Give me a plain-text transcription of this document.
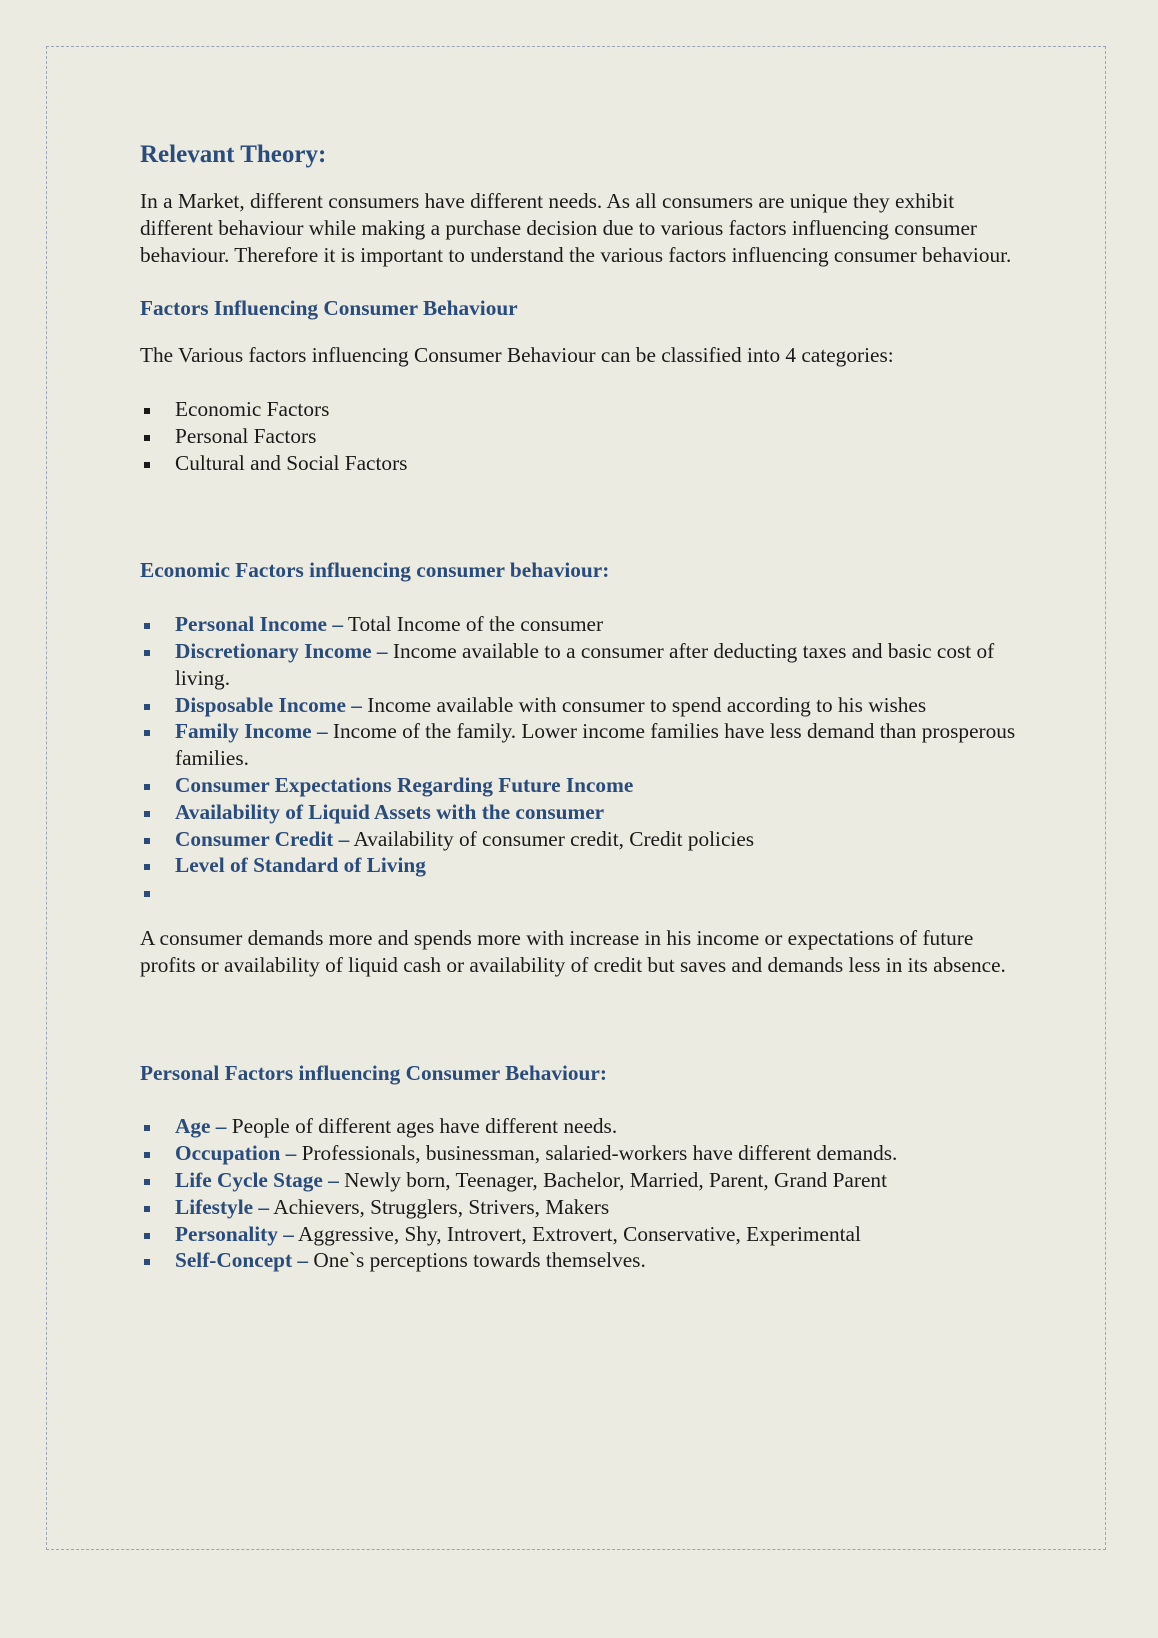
Relevant Theory:

In a Market, different consumers have different needs. As all consumers are unique they exhibit different behaviour while making a purchase decision due to various factors influencing consumer behaviour. Therefore it is important to understand the various factors influencing consumer behaviour.

Factors Influencing Consumer Behaviour

The Various factors influencing Consumer Behaviour can be classified into 4 categories:

Economic Factors
Personal Factors
Cultural and Social Factors
Economic Factors influencing consumer behaviour:
Personal Income – Total Income of the consumer
Discretionary Income – Income available to a consumer after deducting taxes and basic cost of living.
Disposable Income – Income available with consumer to spend according to his wishes
Family Income – Income of the family. Lower income families have less demand than prosperous families.
Consumer Expectations Regarding Future Income
Availability of Liquid Assets with the consumer
Consumer Credit – Availability of consumer credit, Credit policies
Level of Standard of Living

A consumer demands more and spends more with increase in his income or expectations of future profits or availability of liquid cash or availability of credit but saves and demands less in its absence.

Personal Factors influencing Consumer Behaviour:
Age – People of different ages have different needs.
Occupation – Professionals, businessman, salaried-workers have different demands.
Life Cycle Stage – Newly born, Teenager, Bachelor, Married, Parent, Grand Parent
Lifestyle – Achievers, Strugglers, Strivers, Makers
Personality – Aggressive, Shy, Introvert, Extrovert, Conservative, Experimental
Self-Concept – One`s perceptions towards themselves.
